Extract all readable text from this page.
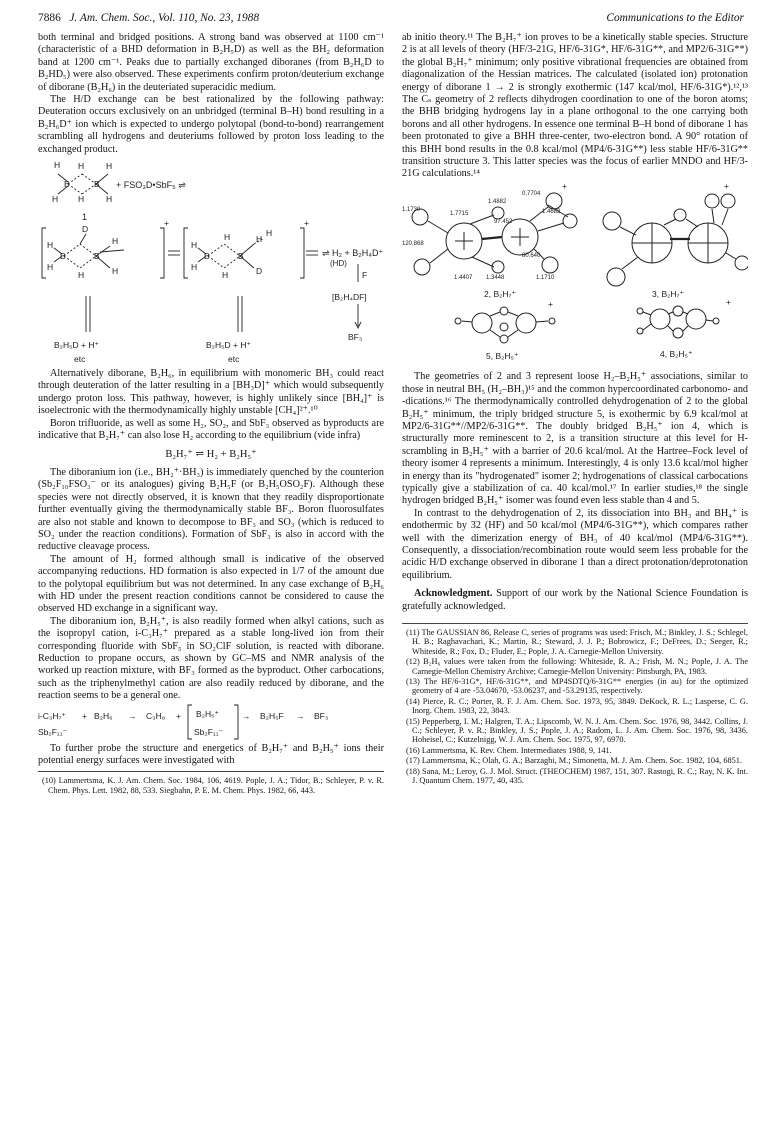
7886 J. Am. Chem. Soc., Vol. 110, No. 23, 1988	Communications to the Editor

both terminal and bridged positions. A strong band was observed at 1100 cm⁻¹ (characteristic of a BHD deformation in B₂H₅D) as well as the BH₂ deformation band at 1200 cm⁻¹. Peaks due to partially exchanged diboranes (from B₂H₆D to B₂HD₅) were also observed. These experiments confirm proton/deuterium exchange of diborane (B₂H₆) in the deuteriated superacidic medium.

The H/D exchange can be best rationalized by the following pathway: Deuteration occurs exclusively on an unbridged (terminal B–H) bond resulting in a B₂H₆D⁺ ion which is expected to undergo polytopal (bond-to-bond) rearrangement scrambling all hydrogens and deuteriums followed by proton loss leading to the exchanged product.

H H	H
B	B
H H	H
1
+ FSO₃D•SbF₅ ⇌
D
+
H
B	B
H
H
H
H
H
+
H
B	B
H
H
H
H
D
⇌ H₂ + B₂H₄D⁺
(HD)
F
[B₂H₄DF]
BF₃
B₂H₅D + H⁺
etc
B₂H₅D + H⁺
etc

Alternatively diborane, B₂H₆, in equilibrium with monomeric BH₃ could react through deuteration of the latter resulting in a [BH₃D]⁺ which would subsequently undergo proton loss. This pathway, however, is highly unlikely since [BH₄]⁺ is isoelectronic with the thermodynamically highly unstable [CH₄]²⁺.¹⁰

Boron trifluoride, as well as some H₂, SO₂, and SbF₃ observed as byproducts are indicative that B₂H₇⁺ can also lose H₂ according to the equilibrium (vide infra)

B₂H₇⁺ ⇌ H₂ + B₂H₅⁺

The diboranium ion (i.e., BH₂⁺·BH₃) is immediately quenched by the counterion (Sb₂F₁₀FSO₃⁻ or its analogues) giving B₂H₅F (or B₂H₅OSO₂F). Although these species were not directly observed, it is known that they readily disproportionate further eventually giving the thermodynamically stable BF₃. Boron fluorosulfates are also not stable and known to decompose to BF₃ and SO₃ (which is reduced to SO₂ under the reaction conditions). Formation of SbF₃ is also in accord with the reductive cleavage process.

The amount of H₂ formed although small is indicative of the observed accompanying reductions. HD formation is also expected in 1/7 of the amount due to the polytopal equilibrium but was not determined. In any case exchange of B₂H₆ with HD under the present reaction conditions cannot be considered to cause the observed HD exchange in a significant way.

The diboranium ion, B₂H₅⁺, is also readily formed when alkyl cations, such as the isopropyl cation, i-C₃H₇⁺ prepared as a stable long-lived ion from their corresponding fluoride with SbF₅ in SO₂ClF solution, is reacted with diborane. Reduction to propane occurs, as shown by GC–MS and NMR analysis of the worked up reaction mixture, with BF₃ formed as the byproduct. Other carbocations, such as the triphenylmethyl cation are also readily reduced by diborane, and the reaction seems to be a general one.

i-C₃H₇⁺
Sb₂F₁₁⁻
+ B₂H₆ → C₃H₈ + B₂H₅⁺
Sb₂F₁₁⁻
→ B₂H₅F → BF₃

To further probe the structure and energetics of B₂H₇⁺ and B₂H₅⁺ ions their potential energy surfaces were investigated with

(10) Lammertsma, K. J. Am. Chem. Soc. 1984, 106, 4619. Pople, J. A.; Tidor, B.; Schleyer, P. v. R. Chem. Phys. Lett. 1982, 88, 533. Siegbahn, P. E. M. Chem. Phys. 1982, 66, 443.

ab initio theory.¹¹ The B₂H₇⁺ ion proves to be a kinetically stable species. Structure 2 is at all levels of theory (HF/3-21G, HF/6-31G*, HF/6-31G**, and MP2/6-31G**) the global B₂H₇⁺ minimum; only positive vibrational frequencies are obtained from diagonalization of the Hessian matrices. The calculated (isolated ion) protonation energy of diborane 1 → 2 is strongly exothermic (147 kcal/mol, HF/6-31G*).¹²,¹³ The Cₛ geometry of 2 reflects dihydrogen coordination to one of the boron atoms; the BHB bridging hydrogens lay in a plane orthogonal to the one carrying both borons and all other hydrogens. In essence one terminal B–H bond of diborane 1 has been protonated to give a BHH three-center, two-electron bond. A 90° rotation of this BHH bond results in the 0.8 kcal/mol (MP4/6-31G**) less stable HF/6-31G** transition structure 3. This latter species was the focus of earlier MNDO and HF/3-21G calculations.¹⁴

0.7704
1.4882
1.7715
97.452
1.4683
1.1730
120.868
80.640
1.1710
1.4407 1.3448
+	+
2, B₂H₇⁺	3, B₂H₇⁺
+	+
5, B₂H₅⁺	4, B₂H₅⁺

The geometries of 2 and 3 represent loose H₂–B₂H₅⁺ associations, similar to those in neutral BH₅ (H₂–BH₃)¹⁵ and the common hypercoordinated carbonomo- and -dications.¹⁶ The thermodynamically controlled dehydrogenation of 2 to the global B₂H₅⁺ minimum, the triply bridged structure 5, is exothermic by 6.9 kcal/mol at MP2/6-31G**//MP2/6-31G**. The doubly bridged B₂H₅⁺ ion 4, which is structurally more reminescent to 2, is a transition structure at this level for H-scrambling in B₂H₅⁺ with a barrier of 20.6 kcal/mol. At the Hartree–Fock level of theory isomer 4 represents a minimum. Interestingly, 4 is only 13.6 kcal/mol higher in energy than its "hydrogenated" isomer 2; hydrogenations of classical carbocations typically give a stabilization of ca. 40 kcal/mol.¹⁷ In earlier studies,¹⁸ the single hydrogen bridged B₂H₅⁺ isomer was found even less stable than 4 and 5.

In contrast to the dehydrogenation of 2, its dissociation into BH₃ and BH₄⁺ is endothermic by 32 (HF) and 50 kcal/mol (MP4/6-31G**), which compares rather well with the dimerization energy of BH₃ of 40 kcal/mol (MP4/6-31G**). Consequently, a dissociation/recombination route would seem less probable for the acidic H/D exchange observed in diborane 1 than a direct protonation/deprotonation equilibrium.

Acknowledgment. Support of our work by the National Science Foundation is gratefully acknowledged.

(11) The GAUSSIAN 86, Release C, series of programs was used: Frisch, M.; Binkley, J. S.; Schlegel, H. B.; Raghavachari, K.; Martin, R.; Steward, J. J. P.; Bobrowicz, F.; DeFrees, D.; Seeger, R.; Whiteside, R.; Fox, D.; Fluder, E.; Pople, J. A. Carnegie-Mellon University.
(12) B₂H₆ values were taken from the following: Whiteside, R. A.; Frish, M. N.; Pople, J. A. The Carnegie-Mellon Chemistry Archive; Carnegie-Mellon University: Pittsburgh, PA, 1983.
(13) The HF/6-31G*, HF/6-31G**, and MP4SDTQ/6-31G** energies (in au) for the optimized geometry of 4 are -53.04670, -53.06237, and -53.29135, respectively.
(14) Pierce, R. C.; Porter, R. F. J. Am. Chem. Soc. 1973, 95, 3849. DeKock, R. L.; Lasperse, C. G. Inorg. Chem. 1983, 22, 3843.
(15) Pepperberg, I. M.; Halgren, T. A.; Lipscomb, W. N. J. Am. Chem. Soc. 1976, 98, 3442. Collins, J. C.; Schleyer, P. v. R.; Binkley, J. S.; Pople, J. A.; Radom, L. J. Am. Chem. Soc. 1976, 98, 3436. Hoheisel, C.; Kutzelnigg, W. J. Am. Chem. Soc. 1975, 97, 6970.
(16) Lammertsma, K. Rev. Chem. Intermediates 1988, 9, 141.
(17) Lammertsma, K.; Olah, G. A.; Barzaghi, M.; Simonetta, M. J. Am. Chem. Soc. 1982, 104, 6851.
(18) Sana, M.; Leroy, G. J. Mol. Struct. (THEOCHEM) 1987, 151, 307. Rastogi, R. C.; Ray, N. K. Int. J. Quantum Chem. 1977, 40, 435.
